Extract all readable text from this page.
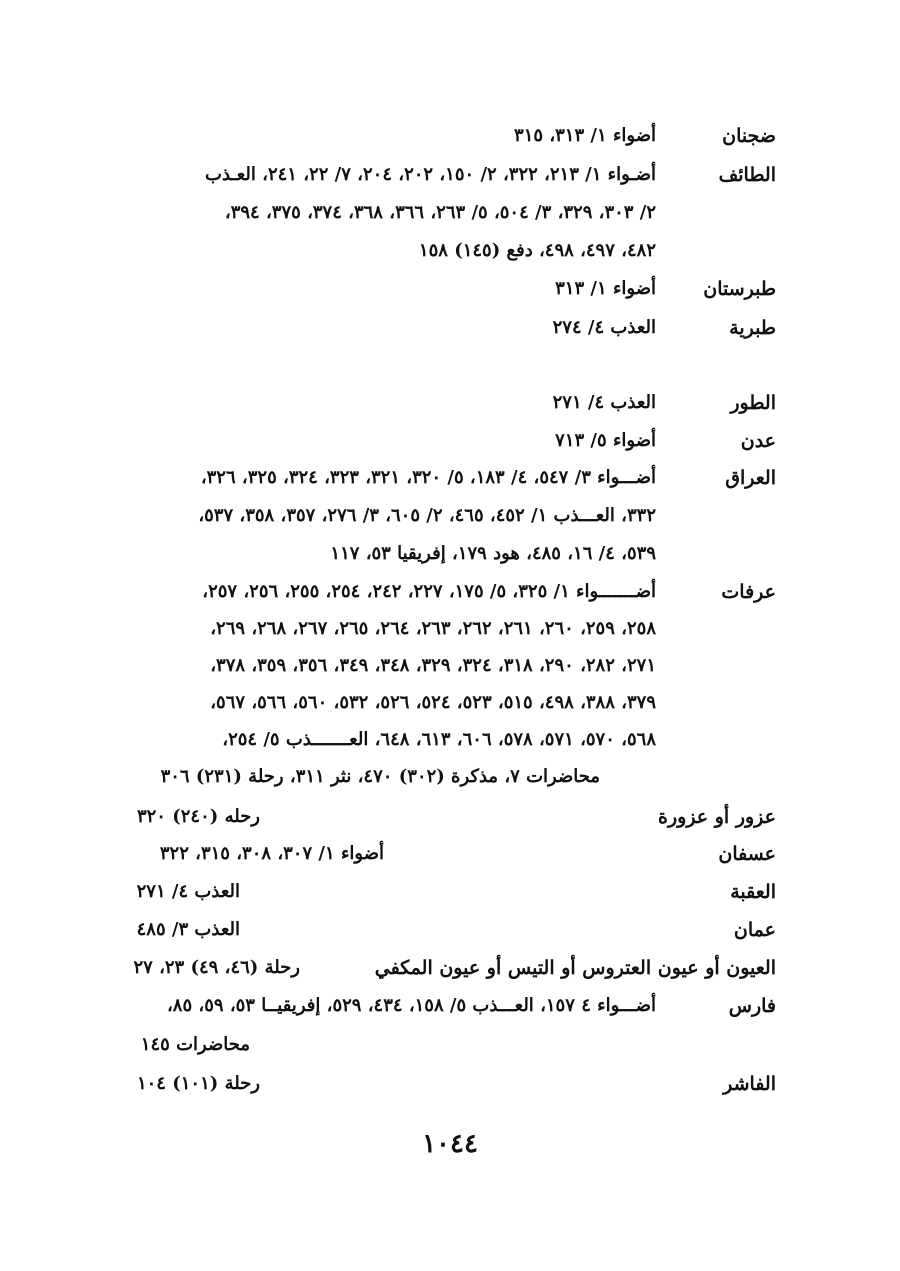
ضجنان
أضواء ١/ ٣١٣، ٣١٥
الطائف
أضـواء ١/ ٢١٣، ٣٢٢، ٢/ ١٥٠، ٢٠٢، ٢٠٤، ٧/ ٢٢، ٢٤١، العـذب
٢/ ٣٠٣، ٣٢٩، ٣/ ٥٠٤، ٥/ ٢٦٣، ٣٦٦، ٣٦٨، ٣٧٤، ٣٧٥، ٣٩٤،
٤٨٢، ٤٩٧، ٤٩٨، دفع (١٤٥) ١٥٨
طبرستان
أضواء ١/ ٣١٣
طبرية
العذب ٤/ ٢٧٤
الطور
العذب ٤/ ٢٧١
عدن
أضواء ٥/ ٧١٣
العراق
أضـــواء ٣/ ٥٤٧، ٤/ ١٨٣، ٥/ ٣٢٠، ٣٢١، ٣٢٣، ٣٢٤، ٣٢٥، ٣٢٦،
٣٣٢، العـــذب ١/ ٤٥٢، ٤٦٥، ٢/ ٦٠٥، ٣/ ٢٧٦، ٣٥٧، ٣٥٨، ٥٣٧،
٥٣٩، ٤/ ١٦، ٤٨٥، هود ١٧٩، إفريقيا ٥٣، ١١٧
عرفات
أضـــــــواء ١/ ٣٢٥، ٥/ ١٧٥، ٢٢٧، ٢٤٢، ٢٥٤، ٢٥٥، ٢٥٦، ٢٥٧،
٢٥٨، ٢٥٩، ٢٦٠، ٢٦١، ٢٦٢، ٢٦٣، ٢٦٤، ٢٦٥، ٢٦٧، ٢٦٨، ٢٦٩،
٢٧١، ٢٨٢، ٢٩٠، ٣١٨، ٣٢٤، ٣٢٩، ٣٤٨، ٣٤٩، ٣٥٦، ٣٥٩، ٣٧٨،
٣٧٩، ٣٨٨، ٤٩٨، ٥١٥، ٥٢٣، ٥٢٤، ٥٢٦، ٥٣٢، ٥٦٠، ٥٦٦، ٥٦٧،
٥٦٨، ٥٧٠، ٥٧١، ٥٧٨، ٦٠٦، ٦١٣، ٦٤٨، العـــــــذب ٥/ ٢٥٤،
محاضرات ٧، مذكرة (٣٠٢) ٤٧٠، نثر ٣١١، رحلة (٢٣١) ٣٠٦
عزور أو عزورة
رحله (٢٤٠) ٣٢٠
عسفان
أضواء ١/ ٣٠٧، ٣٠٨، ٣١٥، ٣٢٢
العقبة
العذب ٤/ ٢٧١
عمان
العذب ٣/ ٤٨٥
العيون أو عيون العتروس أو التيس أو عيون المكفي
رحلة (٤٦، ٤٩) ٢٣، ٢٧
فارس
أضـــواء ٤ ١٥٧، العـــذب ٥/ ١٥٨، ٤٣٤، ٥٢٩، إفريقيــا ٥٣، ٥٩، ٨٥،
محاضرات ١٤٥
الفاشر
رحلة (١٠١) ١٠٤
١٠٤٤
